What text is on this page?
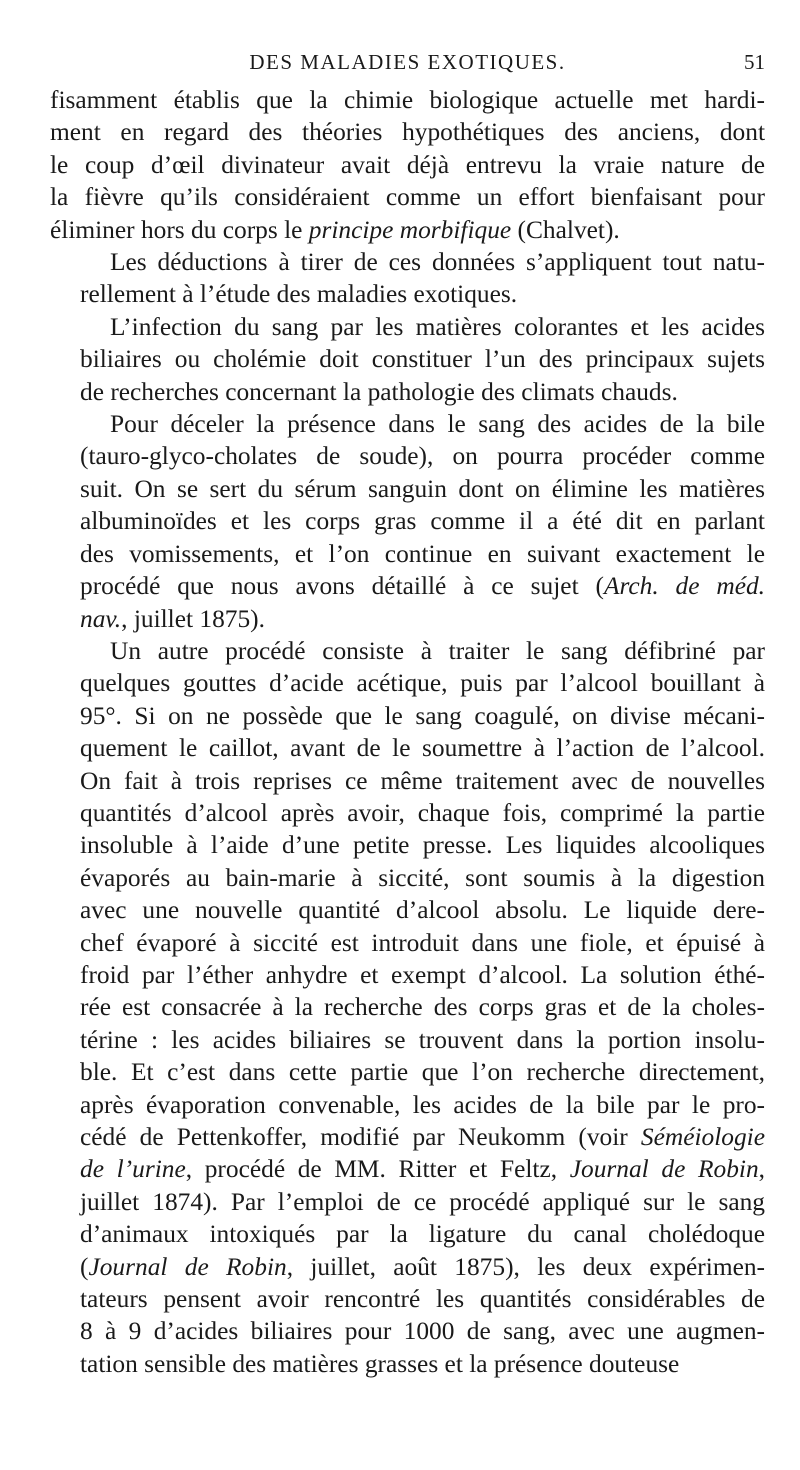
DES MALADIES EXOTIQUES.	51
fisamment établis que la chimie biologique actuelle met hardi-
ment en regard des théories hypothétiques des anciens, dont
le coup d’œil divinateur avait déjà entrevu la vraie nature de
la fièvre qu’ils considéraient comme un effort bienfaisant pour
éliminer hors du corps le principe morbifique (Chalvet).
Les déductions à tirer de ces données s’appliquent tout natu-
rellement à l’étude des maladies exotiques.
L’infection du sang par les matières colorantes et les acides
biliaires ou cholémie doit constituer l’un des principaux sujets
de recherches concernant la pathologie des climats chauds.
Pour déceler la présence dans le sang des acides de la bile
(tauro-glyco-cholates de soude), on pourra procéder comme
suit. On se sert du sérum sanguin dont on élimine les matières
albuminoïdes et les corps gras comme il a été dit en parlant
des vomissements, et l’on continue en suivant exactement le
procédé que nous avons détaillé à ce sujet (Arch. de méd.
nav., juillet 1875).
Un autre procédé consiste à traiter le sang défibriné par
quelques gouttes d’acide acétique, puis par l’alcool bouillant à
95°. Si on ne possède que le sang coagulé, on divise mécani-
quement le caillot, avant de le soumettre à l’action de l’alcool.
On fait à trois reprises ce même traitement avec de nouvelles
quantités d’alcool après avoir, chaque fois, comprimé la partie
insoluble à l’aide d’une petite presse. Les liquides alcooliques
évaporés au bain-marie à siccité, sont soumis à la digestion
avec une nouvelle quantité d’alcool absolu. Le liquide dere-
chef évaporé à siccité est introduit dans une fiole, et épuisé à
froid par l’éther anhydre et exempt d’alcool. La solution éthé-
rée est consacrée à la recherche des corps gras et de la choles-
térine : les acides biliaires se trouvent dans la portion insolu-
ble. Et c’est dans cette partie que l’on recherche directement,
après évaporation convenable, les acides de la bile par le pro-
cédé de Pettenkoffer, modifié par Neukomm (voir Séméiologie
de l’urine, procédé de MM. Ritter et Feltz, Journal de Robin,
juillet 1874). Par l’emploi de ce procédé appliqué sur le sang
d’animaux intoxiqués par la ligature du canal cholédoque
(Journal de Robin, juillet, août 1875), les deux expérimen-
tateurs pensent avoir rencontré les quantités considérables de
8 à 9 d’acides biliaires pour 1000 de sang, avec une augmen-
tation sensible des matières grasses et la présence douteuse
